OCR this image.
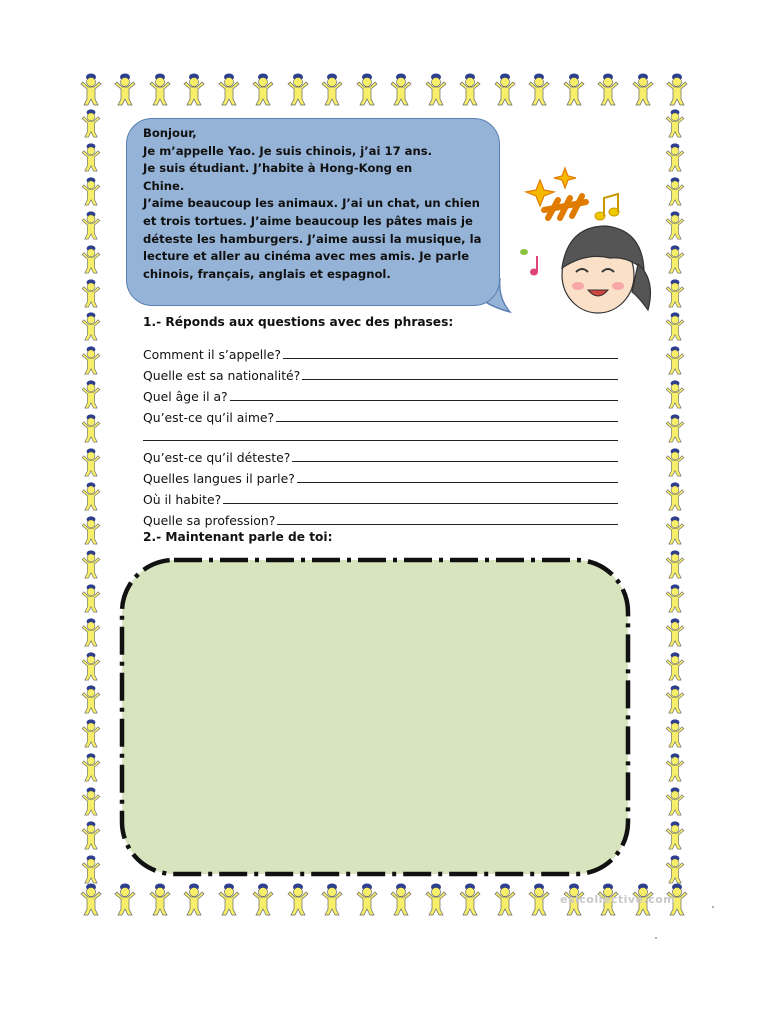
Bonjour,

Je m’appelle Yao. Je suis chinois, j’ai 17 ans.

Je suis étudiant. J’habite à Hong-Kong en

Chine.

J’aime beaucoup les animaux. J’ai un chat, un chien

et trois tortues. J’aime beaucoup les pâtes mais je

déteste les hamburgers. J’aime aussi la musique, la

lecture et aller au cinéma avec mes amis. Je parle

chinois, français, anglais et espagnol.

1.- Réponds aux questions avec des phrases:
Comment il s’appelle?
Quelle est sa nationalité?
Quel âge il a?
Qu’est-ce qu’il aime?
Qu’est-ce qu’il déteste?
Quelles langues il parle?
Où il habite?
Quelle sa profession?
2.- Maintenant parle de toi:
eslcollective.com
